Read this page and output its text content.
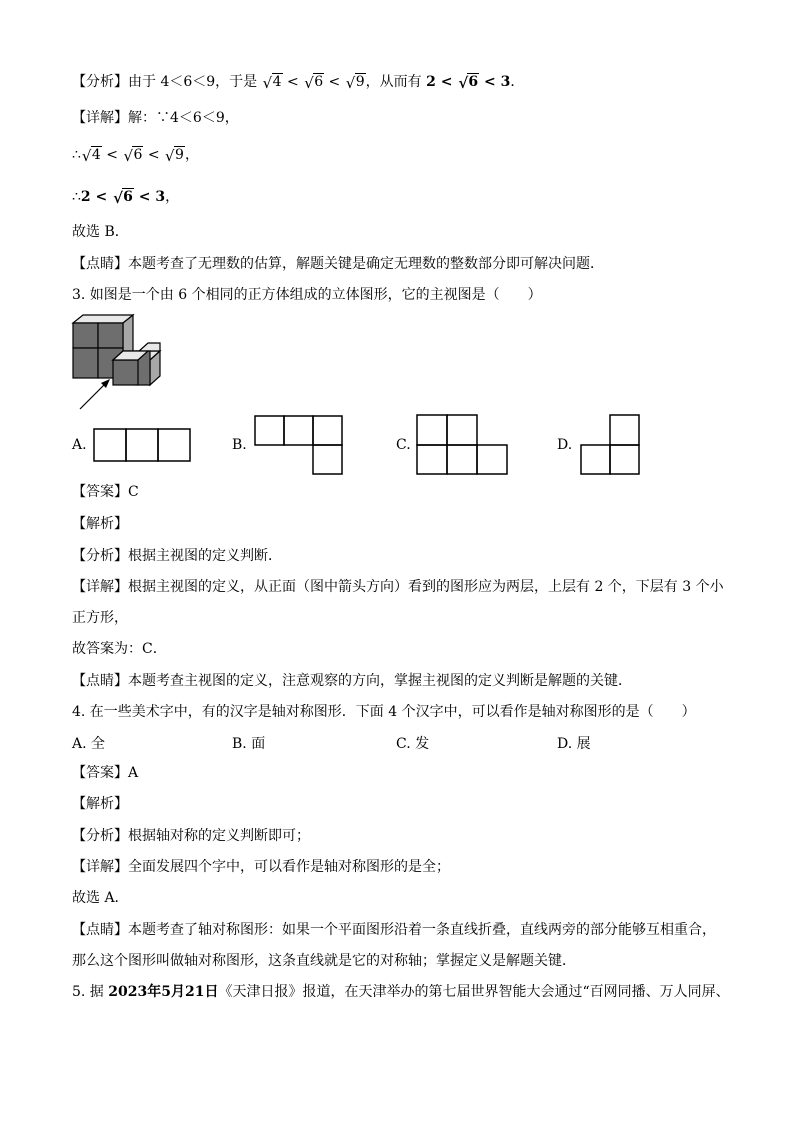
【分析】由于 4＜6＜9，于是 √ 4 < √ 6 < √ 9，从而有 2 < √ 6 < 3．
【详解】解：∵4＜6＜9，
∴ √ 4 < √ 6 < √ 9，
∴2 < √ 6 < 3，
故选 B．
【点睛】本题考查了无理数的估算，解题关键是确定无理数的整数部分即可解决问题．
3. 如图是一个由 6 个相同的正方体组成的立体图形，它的主视图是（　　）
A.	B.	C.	D.
【答案】C
【解析】
【分析】根据主视图的定义判断．
【详解】根据主视图的定义，从正面（图中箭头方向）看到的图形应为两层，上层有 2 个，下层有 3 个小
正方形，
故答案为：C．
【点睛】本题考查主视图的定义，注意观察的方向，掌握主视图的定义判断是解题的关键．
4. 在一些美术字中，有的汉字是轴对称图形．下面 4 个汉字中，可以看作是轴对称图形的是（　　）
A. 全	B. 面	C. 发	D. 展
【答案】A
【解析】
【分析】根据轴对称的定义判断即可；
【详解】全面发展四个字中，可以看作是轴对称图形的是全；
故选 A．
【点睛】本题考查了轴对称图形：如果一个平面图形沿着一条直线折叠，直线两旁的部分能够互相重合，
那么这个图形叫做轴对称图形，这条直线就是它的对称轴；掌握定义是解题关键．
5. 据 2023年5月21日《天津日报》报道，在天津举办的第七届世界智能大会通过“百网同播、万人同屏、
